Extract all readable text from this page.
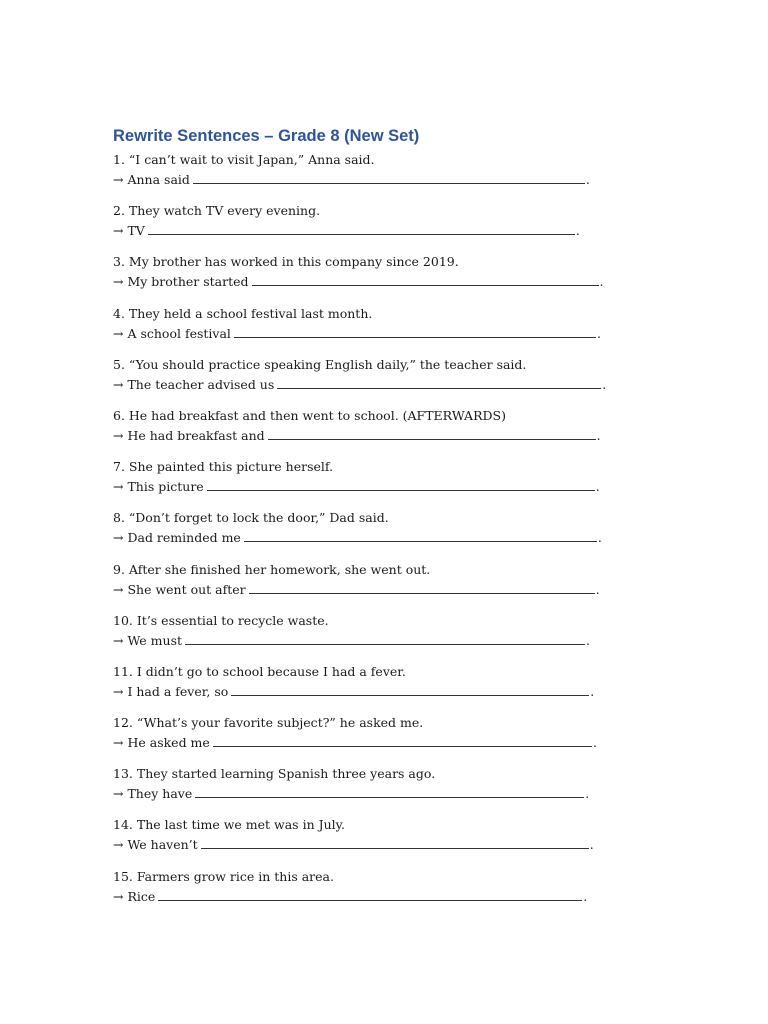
Rewrite Sentences – Grade 8 (New Set)
1. “I can’t wait to visit Japan,” Anna said.
→ Anna said	.
2. They watch TV every evening.
→ TV	.
3. My brother has worked in this company since 2019.
→ My brother started	.
4. They held a school festival last month.
→ A school festival	.
5. “You should practice speaking English daily,” the teacher said.
→ The teacher advised us	.
6. He had breakfast and then went to school. (AFTERWARDS)
→ He had breakfast and	.
7. She painted this picture herself.
→ This picture	.
8. “Don’t forget to lock the door,” Dad said.
→ Dad reminded me	.
9. After she finished her homework, she went out.
→ She went out after	.
10. It’s essential to recycle waste.
→ We must	.
11. I didn’t go to school because I had a fever.
→ I had a fever, so	.
12. “What’s your favorite subject?” he asked me.
→ He asked me	.
13. They started learning Spanish three years ago.
→ They have	.
14. The last time we met was in July.
→ We haven’t	.
15. Farmers grow rice in this area.
→ Rice	.
